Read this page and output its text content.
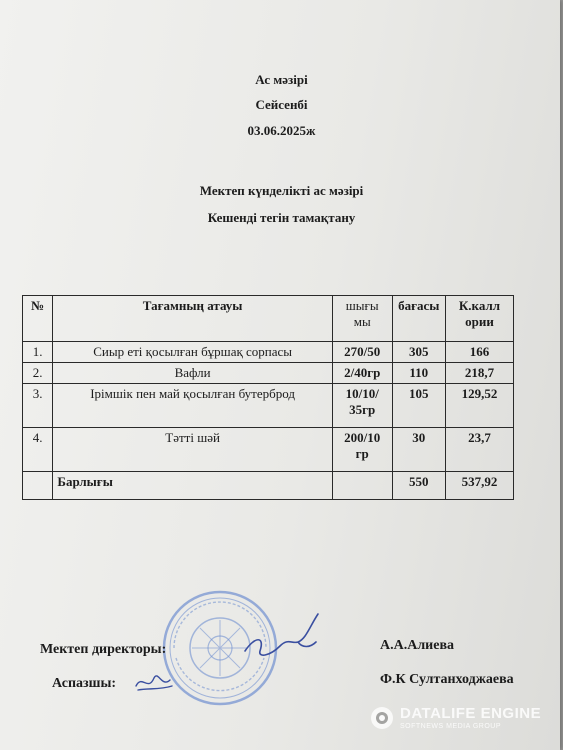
Ас мәзірі
Сейсенбі
03.06.2025ж
Мектеп күнделікті ас мәзірі
Кешенді тегін тамақтану
№	Тағамның атауы	шығы мы	бағасы	К.калл ории
1.	Сиыр еті қосылған бұршақ сорпасы	270/50	305	166
2.	Вафли	2/40гр	110	218,7
3.	Ірімшік пен май қосылған бутерброд	10/10/ 35гр	105	129,52
4.	Тәтті шәй	200/10 гр	30	23,7
	Барлығы		550	537,92
Мектеп директоры:	А.А.Алиева
Аспазшы:	Ф.К Султанходжаева
DATALIFE ENGINE
SOFTNEWS MEDIA GROUP
